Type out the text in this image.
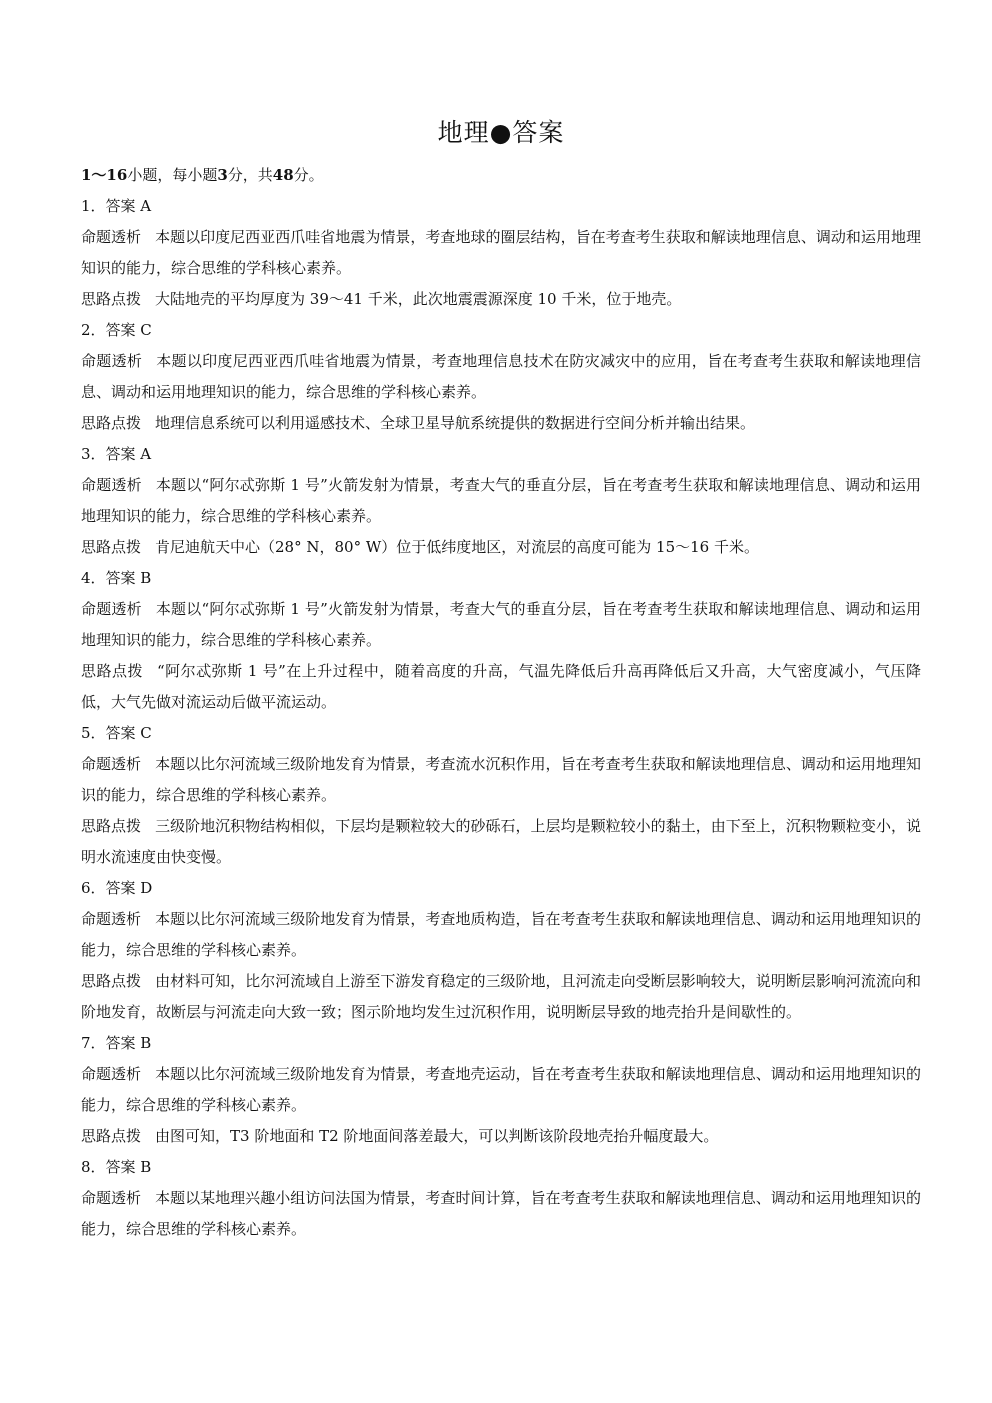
地理●答案
1～16小题，每小题3分，共48分。
1．答案 A
命题透析 本题以印度尼西亚西爪哇省地震为情景，考查地球的圈层结构，旨在考查考生获取和解读地理信息、调动和运用地理知识的能力，综合思维的学科核心素养。
思路点拨 大陆地壳的平均厚度为 39～41 千米，此次地震震源深度 10 千米，位于地壳。
2．答案 C
命题透析 本题以印度尼西亚西爪哇省地震为情景，考查地理信息技术在防灾减灾中的应用，旨在考查考生获取和解读地理信息、调动和运用地理知识的能力，综合思维的学科核心素养。
思路点拨 地理信息系统可以利用遥感技术、全球卫星导航系统提供的数据进行空间分析并输出结果。
3．答案 A
命题透析 本题以“阿尔忒弥斯 1 号”火箭发射为情景，考查大气的垂直分层，旨在考查考生获取和解读地理信息、调动和运用地理知识的能力，综合思维的学科核心素养。
思路点拨 肯尼迪航天中心（28° N，80° W）位于低纬度地区，对流层的高度可能为 15～16 千米。
4．答案 B
命题透析 本题以“阿尔忒弥斯 1 号”火箭发射为情景，考查大气的垂直分层，旨在考查考生获取和解读地理信息、调动和运用地理知识的能力，综合思维的学科核心素养。
思路点拨 “阿尔忒弥斯 1 号”在上升过程中，随着高度的升高，气温先降低后升高再降低后又升高，大气密度减小，气压降低，大气先做对流运动后做平流运动。
5．答案 C
命题透析 本题以比尔河流域三级阶地发育为情景，考查流水沉积作用，旨在考查考生获取和解读地理信息、调动和运用地理知识的能力，综合思维的学科核心素养。
思路点拨 三级阶地沉积物结构相似，下层均是颗粒较大的砂砾石，上层均是颗粒较小的黏土，由下至上，沉积物颗粒变小，说明水流速度由快变慢。
6．答案 D
命题透析 本题以比尔河流域三级阶地发育为情景，考查地质构造，旨在考查考生获取和解读地理信息、调动和运用地理知识的能力，综合思维的学科核心素养。
思路点拨 由材料可知，比尔河流域自上游至下游发育稳定的三级阶地，且河流走向受断层影响较大，说明断层影响河流流向和阶地发育，故断层与河流走向大致一致；图示阶地均发生过沉积作用，说明断层导致的地壳抬升是间歇性的。
7．答案 B
命题透析 本题以比尔河流域三级阶地发育为情景，考查地壳运动，旨在考查考生获取和解读地理信息、调动和运用地理知识的能力，综合思维的学科核心素养。
思路点拨 由图可知，T3 阶地面和 T2 阶地面间落差最大，可以判断该阶段地壳抬升幅度最大。
8．答案 B
命题透析 本题以某地理兴趣小组访问法国为情景，考查时间计算，旨在考查考生获取和解读地理信息、调动和运用地理知识的能力，综合思维的学科核心素养。
